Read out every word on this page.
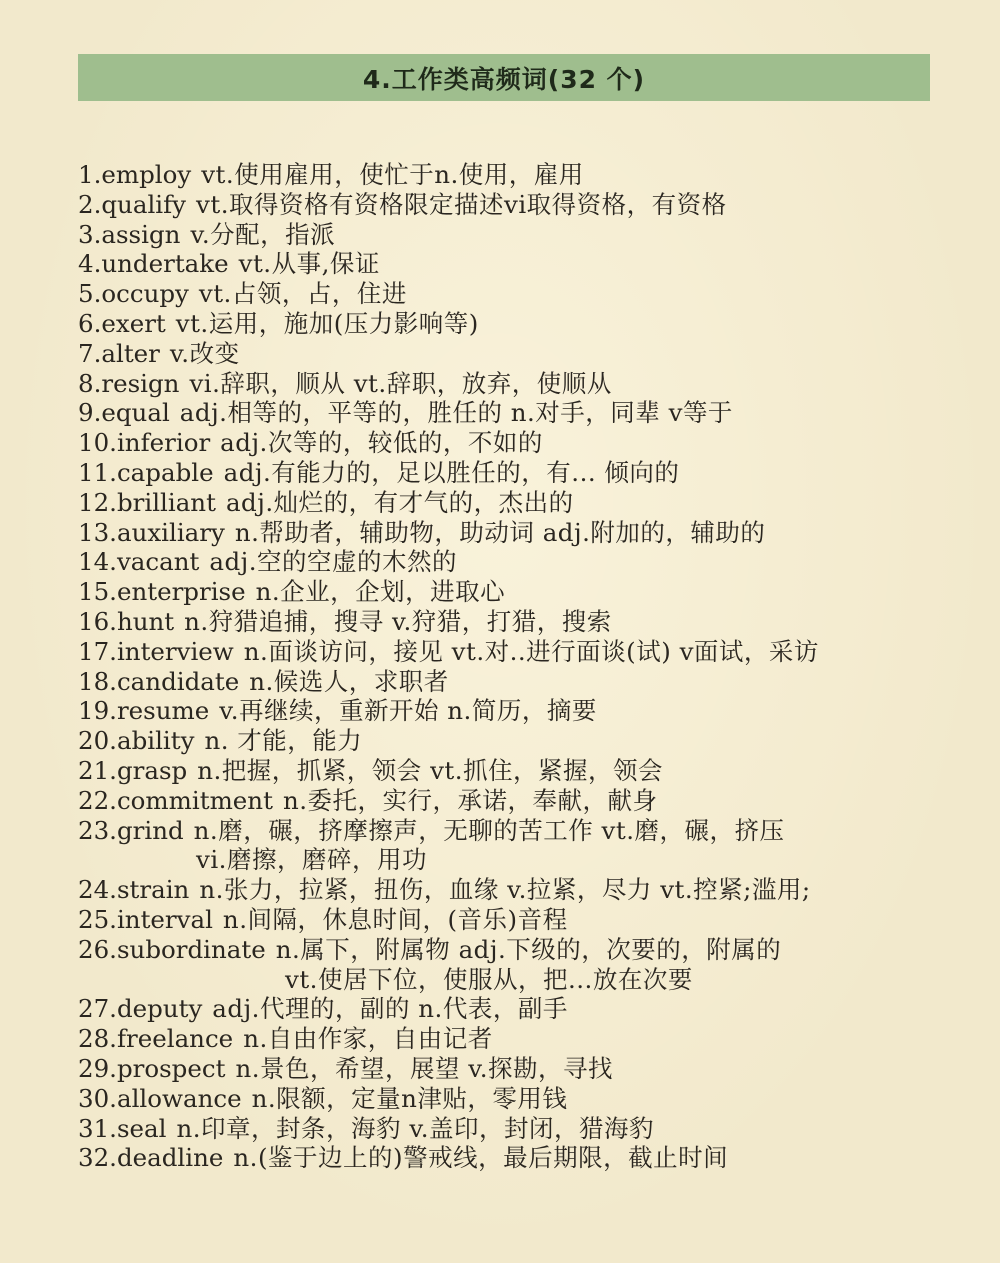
4.工作类高频词(32 个)
1.employ
vt.使用雇用，使忙于n.使用，雇用
2.qualify
vt.取得资格有资格限定描述vi取得资格，有资格
3.assign
v.分配，指派
4.undertake
vt.从事,保证
5.occupy
vt.占领，占，住进
6.exert
vt.运用，施加(压力影响等)
7.alter
v.改变
8.resign
vi.辞职，顺从 vt.辞职，放弃，使顺从
9.equal
adj.相等的，平等的，胜任的 n.对手，同辈 v等于
10.inferior
adj.次等的，较低的，不如的
11.capable
adj.有能力的，足以胜任的，有... 倾向的
12.brilliant
adj.灿烂的，有才气的，杰出的
13.auxiliary
n.帮助者，辅助物，助动词 adj.附加的，辅助的
14.vacant
adj.空的空虚的木然的
15.enterprise
n.企业，企划，进取心
16.hunt
n.狩猎追捕，搜寻 v.狩猎，打猎，搜索
17.interview
n.面谈访问，接见 vt.对..进行面谈(试) v面试，采访
18.candidate
n.候选人，求职者
19.resume
v.再继续，重新开始 n.简历，摘要
20.ability
n. 才能，能力
21.grasp
n.把握，抓紧，领会 vt.抓住，紧握，领会
22.commitment
n.委托，实行，承诺，奉献，献身
23.grind
n.磨，碾，挤摩擦声，无聊的苦工作 vt.磨，碾，挤压
vi.磨擦，磨碎，用功
24.strain
n.张力，拉紧，扭伤，血缘 v.拉紧，尽力 vt.控紧;滥用;
25.interval
n.间隔，休息时间，(音乐)音程
26.subordinate
n.属下，附属物 adj.下级的，次要的，附属的
vt.使居下位，使服从，把...放在次要
27.deputy
adj.代理的，副的 n.代表，副手
28.freelance
n.自由作家，自由记者
29.prospect
n.景色，希望，展望 v.探勘，寻找
30.allowance
n.限额，定量n津贴，零用钱
31.seal
n.印章，封条，海豹 v.盖印，封闭，猎海豹
32.deadline
n.(鉴于边上的)警戒线，最后期限，截止时间
